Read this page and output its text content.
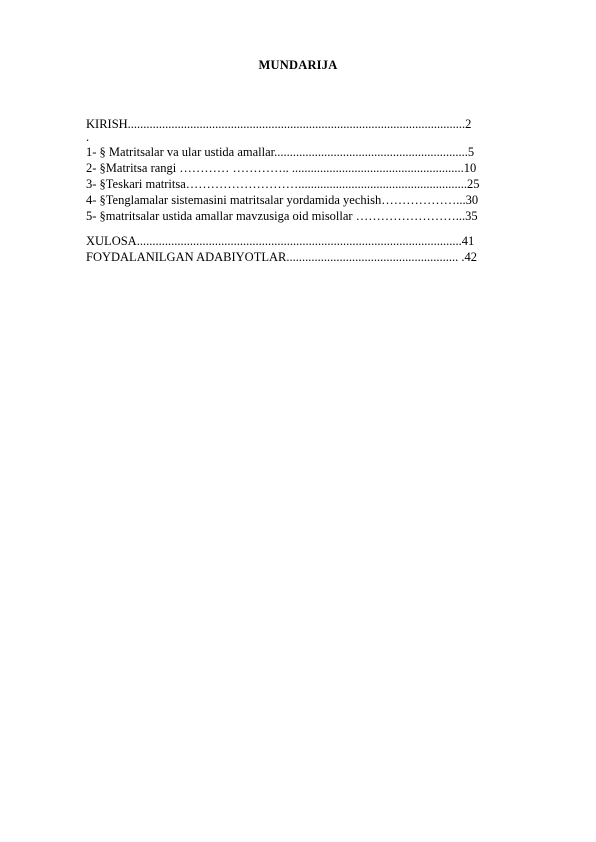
MUNDARIJA
KIRISH............................................................................................................2
.
1- § Matritsalar va ular ustida amallar..............................................................5
2- §Matritsa rangi ………… ………….. .......................................................10
3- §Teskari matritsa………………………......................................................25
4- §Tenglamalar sistemasini matritsalar yordamida yechish………………...30
5- §matritsalar ustida amallar mavzusiga oid misollar ……………………...35
XULOSA........................................................................................................41
FOYDALANILGAN ADABIYOTLAR....................................................... .42
